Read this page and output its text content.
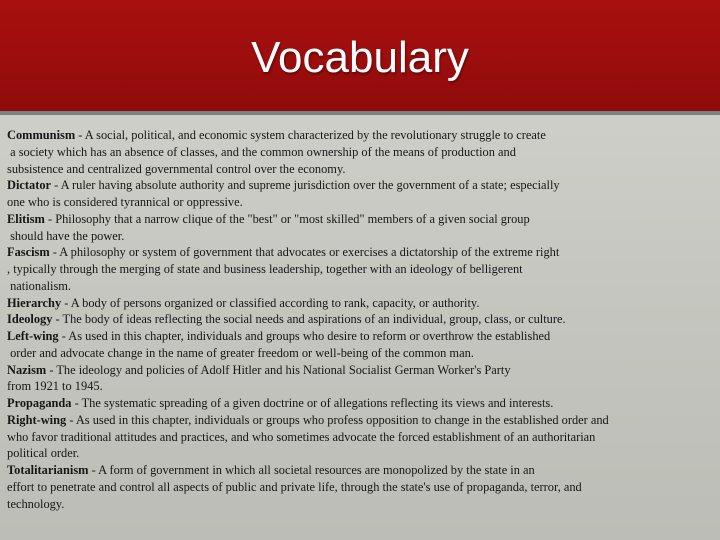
Vocabulary
Communism - A social, political, and economic system characterized by the revolutionary struggle to create
a society which has an absence of classes, and the common ownership of the means of production and
subsistence and centralized governmental control over the economy.
Dictator - A ruler having absolute authority and supreme jurisdiction over the government of a state; especially
one who is considered tyrannical or oppressive.
Elitism - Philosophy that a narrow clique of the "best" or "most skilled" members of a given social group
should have the power.
Fascism - A philosophy or system of government that advocates or exercises a dictatorship of the extreme right
, typically through the merging of state and business leadership, together with an ideology of belligerent
nationalism.
Hierarchy - A body of persons organized or classified according to rank, capacity, or authority.
Ideology - The body of ideas reflecting the social needs and aspirations of an individual, group, class, or culture.
Left-wing - As used in this chapter, individuals and groups who desire to reform or overthrow the established
order and advocate change in the name of greater freedom or well-being of the common man.
Nazism - The ideology and policies of Adolf Hitler and his National Socialist German Worker's Party
from 1921 to 1945.
Propaganda - The systematic spreading of a given doctrine or of allegations reflecting its views and interests.
Right-wing - As used in this chapter, individuals or groups who profess opposition to change in the established order and
who favor traditional attitudes and practices, and who sometimes advocate the forced establishment of an authoritarian
political order.
Totalitarianism - A form of government in which all societal resources are monopolized by the state in an
effort to penetrate and control all aspects of public and private life, through the state's use of propaganda, terror, and
technology.
